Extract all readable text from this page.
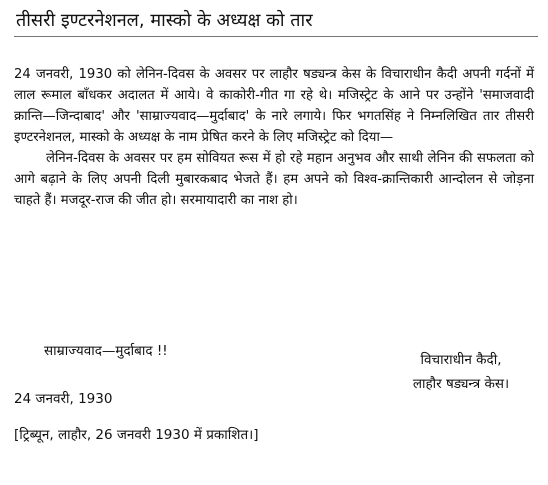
तीसरी इण्टरनेशनल, मास्को के अध्यक्ष को तार

24 जनवरी, 1930 को लेनिन-दिवस के अवसर पर लाहौर षड्यन्त्र केस के विचाराधीन कैदी अपनी गर्दनों में लाल रूमाल बाँधकर अदालत में आये। वे काकोरी-गीत गा रहे थे। मजिस्ट्रेट के आने पर उन्होंने 'समाजवादी क्रान्ति—जिन्दाबाद' और 'साम्राज्यवाद—मुर्दाबाद' के नारे लगाये। फिर भगतसिंह ने निम्नलिखित तार तीसरी इण्टरनेशनल, मास्को के अध्यक्ष के नाम प्रेषित करने के लिए मजिस्ट्रेट को दिया—

लेनिन-दिवस के अवसर पर हम सोवियत रूस में हो रहे महान अनुभव और साथी लेनिन की सफलता को आगे बढ़ाने के लिए अपनी दिली मुबारकबाद भेजते हैं। हम अपने को विश्व-क्रान्तिकारी आन्दोलन से जोड़ना चाहते हैं। मजदूर-राज की जीत हो। सरमायादारी का नाश हो।

साम्राज्यवाद—मुर्दाबाद !!
विचाराधीन कैदी,
लाहौर षड्यन्त्र केस।
24 जनवरी, 1930
[ट्रिब्यून, लाहौर, 26 जनवरी 1930 में प्रकाशित।]
